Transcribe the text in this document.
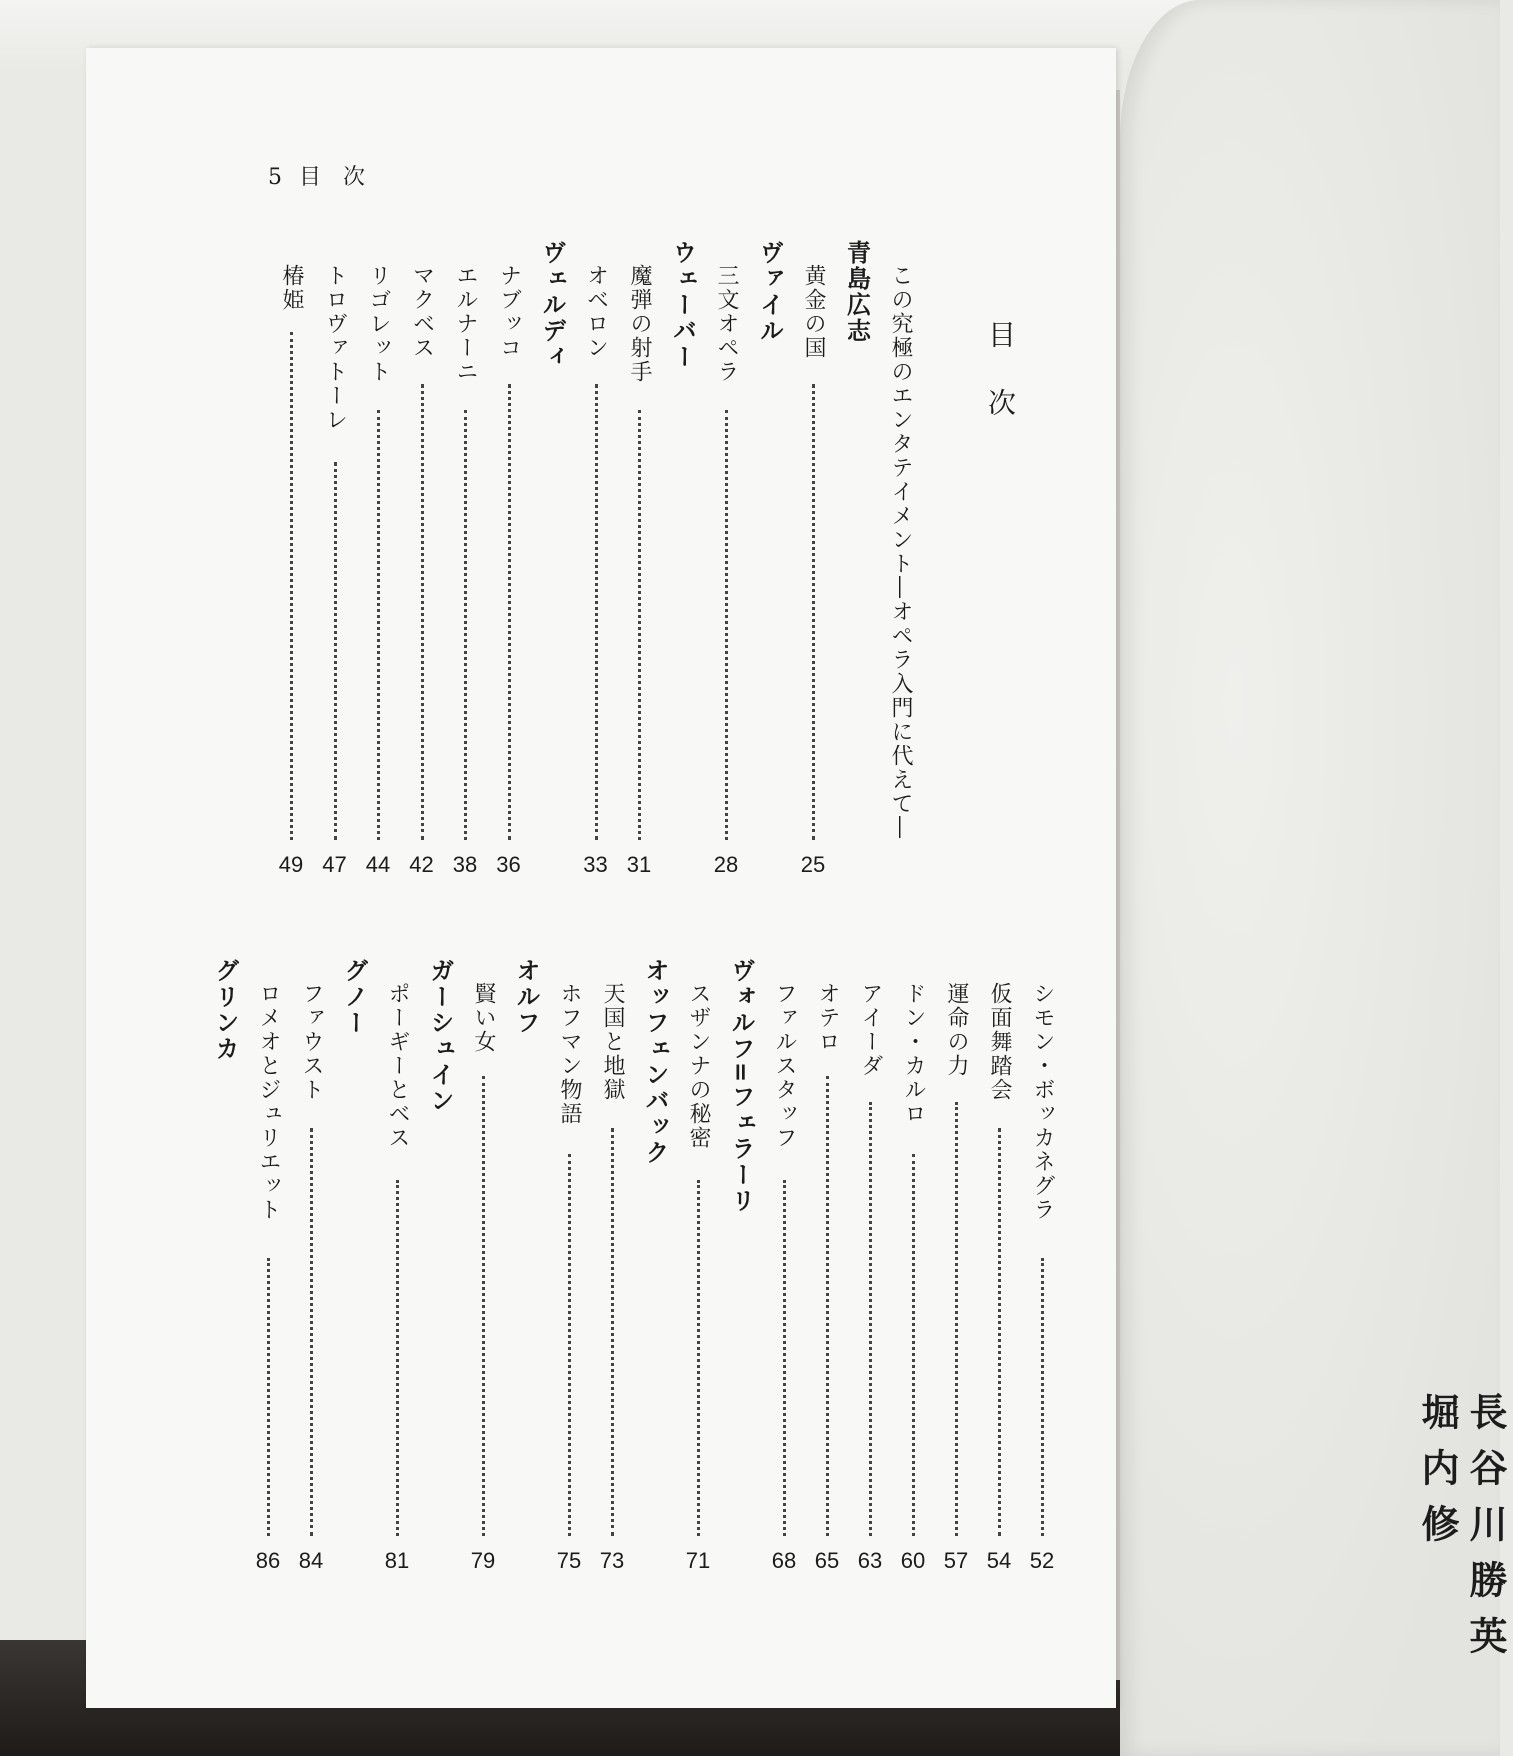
5 目　次
目次
この究極のエンタテイメント―オペラ入門に代えて―
青島広志
黄金の国
25
ヴァイル
三文オペラ
28
ウェーバー
魔弾の射手
31
オベロン
33
ヴェルディ
ナブッコ
36
エルナーニ
38
マクベス
42
リゴレット
44
トロヴァトーレ
47
椿姫
49
シモン・ボッカネグラ
52
仮面舞踏会
54
運命の力
57
ドン・カルロ
60
アイーダ
63
オテロ
65
ファルスタッフ
68
ヴォルフ=フェラーリ
スザンナの秘密
71
オッフェンバック
天国と地獄
73
ホフマン物語
75
オルフ
賢い女
79
ガーシュイン
ポーギーとベス
81
グノー
ファウスト
84
ロメオとジュリエット
86
グリンカ
長谷川勝英
堀内修
